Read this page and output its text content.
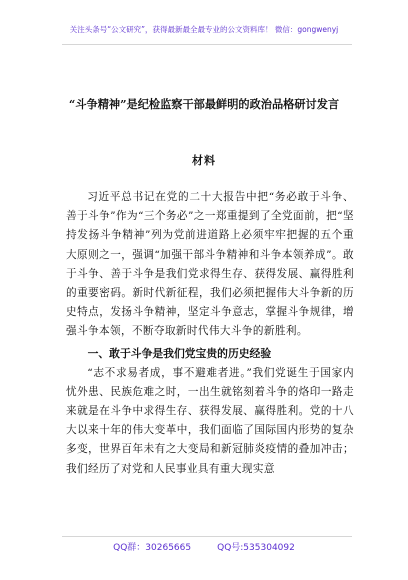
关注头条号“公文研究”，获得最新最全最专业的公文资料库！ 微信：gongwenyj
“斗争精神”是纪检监察干部最鲜明的政治品格研讨发言
材料

习近平总书记在党的二十大报告中把“务必敢于斗争、善于斗争”作为“三个务必”之一郑重提到了全党面前，把“坚持发扬斗争精神”列为党前进道路上必须牢牢把握的五个重大原则之一，强调“加强干部斗争精神和斗争本领养成”。敢于斗争、善于斗争是我们党求得生存、获得发展、赢得胜利的重要密码。新时代新征程，我们必须把握伟大斗争新的历史特点，发扬斗争精神，坚定斗争意志，掌握斗争规律，增强斗争本领，不断夺取新时代伟大斗争的新胜利。

一、敢于斗争是我们党宝贵的历史经验

“志不求易者成，事不避难者进。”我们党诞生于国家内忧外患、民族危难之时，一出生就铭刻着斗争的烙印一路走来就是在斗争中求得生存、获得发展、赢得胜利。党的十八大以来十年的伟大变革中，我们面临了国际国内形势的复杂多变，世界百年未有之大变局和新冠肺炎疫情的叠加冲击；我们经历了对党和人民事业具有重大现实意

QQ群：30265665	QQ号:535304092
